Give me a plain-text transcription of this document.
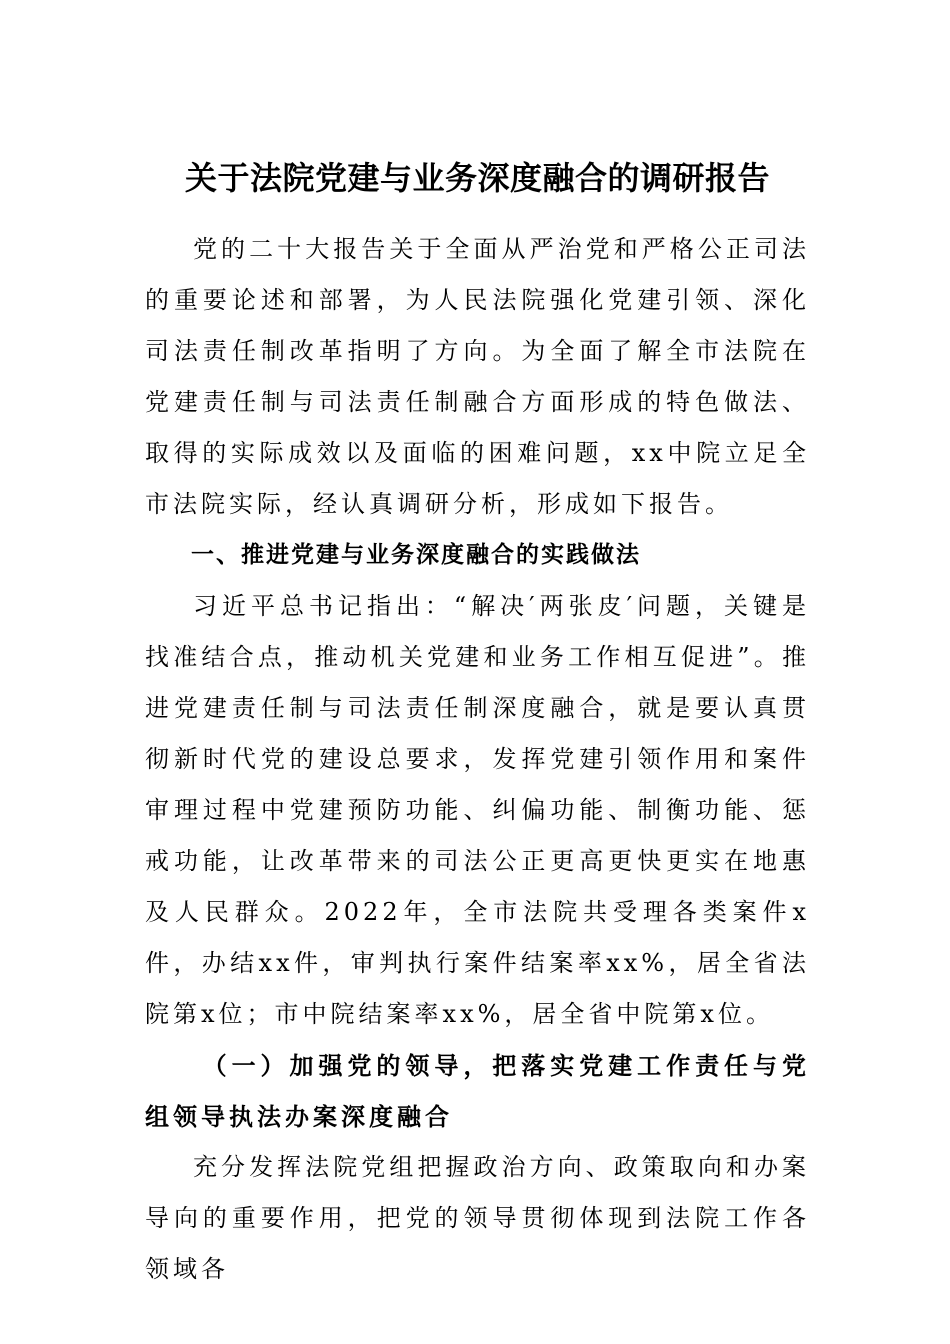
关于法院党建与业务深度融合的调研报告

党的二十大报告关于全面从严治党和严格公正司法的重要论述和部署，为人民法院强化党建引领、深化司法责任制改革指明了方向。为全面了解全市法院在党建责任制与司法责任制融合方面形成的特色做法、取得的实际成效以及面临的困难问题，xx中院立足全市法院实际，经认真调研分析，形成如下报告。

一、推进党建与业务深度融合的实践做法

习近平总书记指出：“解决′两张皮′问题，关键是找准结合点，推动机关党建和业务工作相互促进”。推进党建责任制与司法责任制深度融合，就是要认真贯彻新时代党的建设总要求，发挥党建引领作用和案件审理过程中党建预防功能、纠偏功能、制衡功能、惩戒功能，让改革带来的司法公正更高更快更实在地惠及人民群众。2022年，全市法院共受理各类案件x件，办结xx件，审判执行案件结案率xx%，居全省法院第x位；市中院结案率xx%，居全省中院第x位。

（一）加强党的领导，把落实党建工作责任与党组领导执法办案深度融合

充分发挥法院党组把握政治方向、政策取向和办案导向的重要作用，把党的领导贯彻体现到法院工作各领域各
